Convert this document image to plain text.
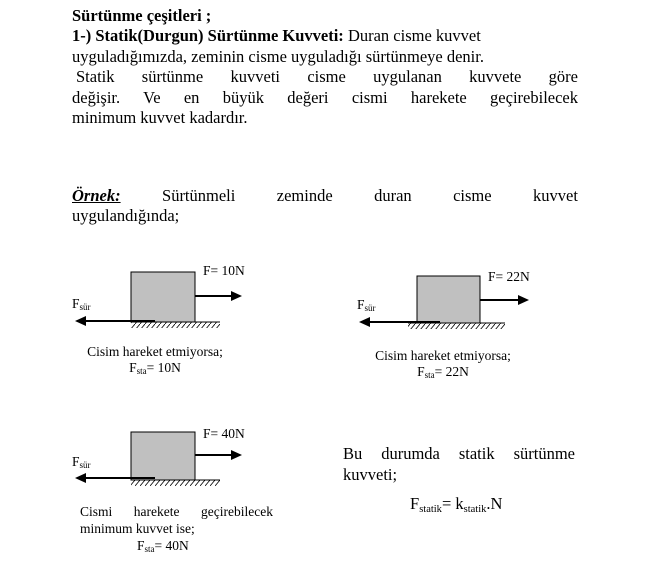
Sürtünme çeşitleri ;
1-) Statik(Durgun) Sürtünme Kuvveti: Duran cisme kuvvet
uyguladığımızda, zeminin cisme uyguladığı sürtünmeye denir.
Statik sürtünme kuvveti cisme uygulanan kuvvete göre
değişir. Ve en büyük değeri cismi harekete geçirebilecek
minimum kuvvet kadardır.
Örnek:	Sürtünmeli	zeminde	duran	cisme	kuvvet
uygulandığında;
F= 10N
$F_{sür}$
Cisim hareket etmiyorsa;
$F_{sta}= 10N$
F= 22N
$F_{sür}$
Cisim hareket etmiyorsa;
$F_{sta}= 22N$
F= 40N
$F_{sür}$
Cismi harekete geçirebilecek
minimum kuvvet ise;
$F_{sta}= 40N$
Bu durumda statik sürtünme kuvveti;
Fstatik= kstatik.N
